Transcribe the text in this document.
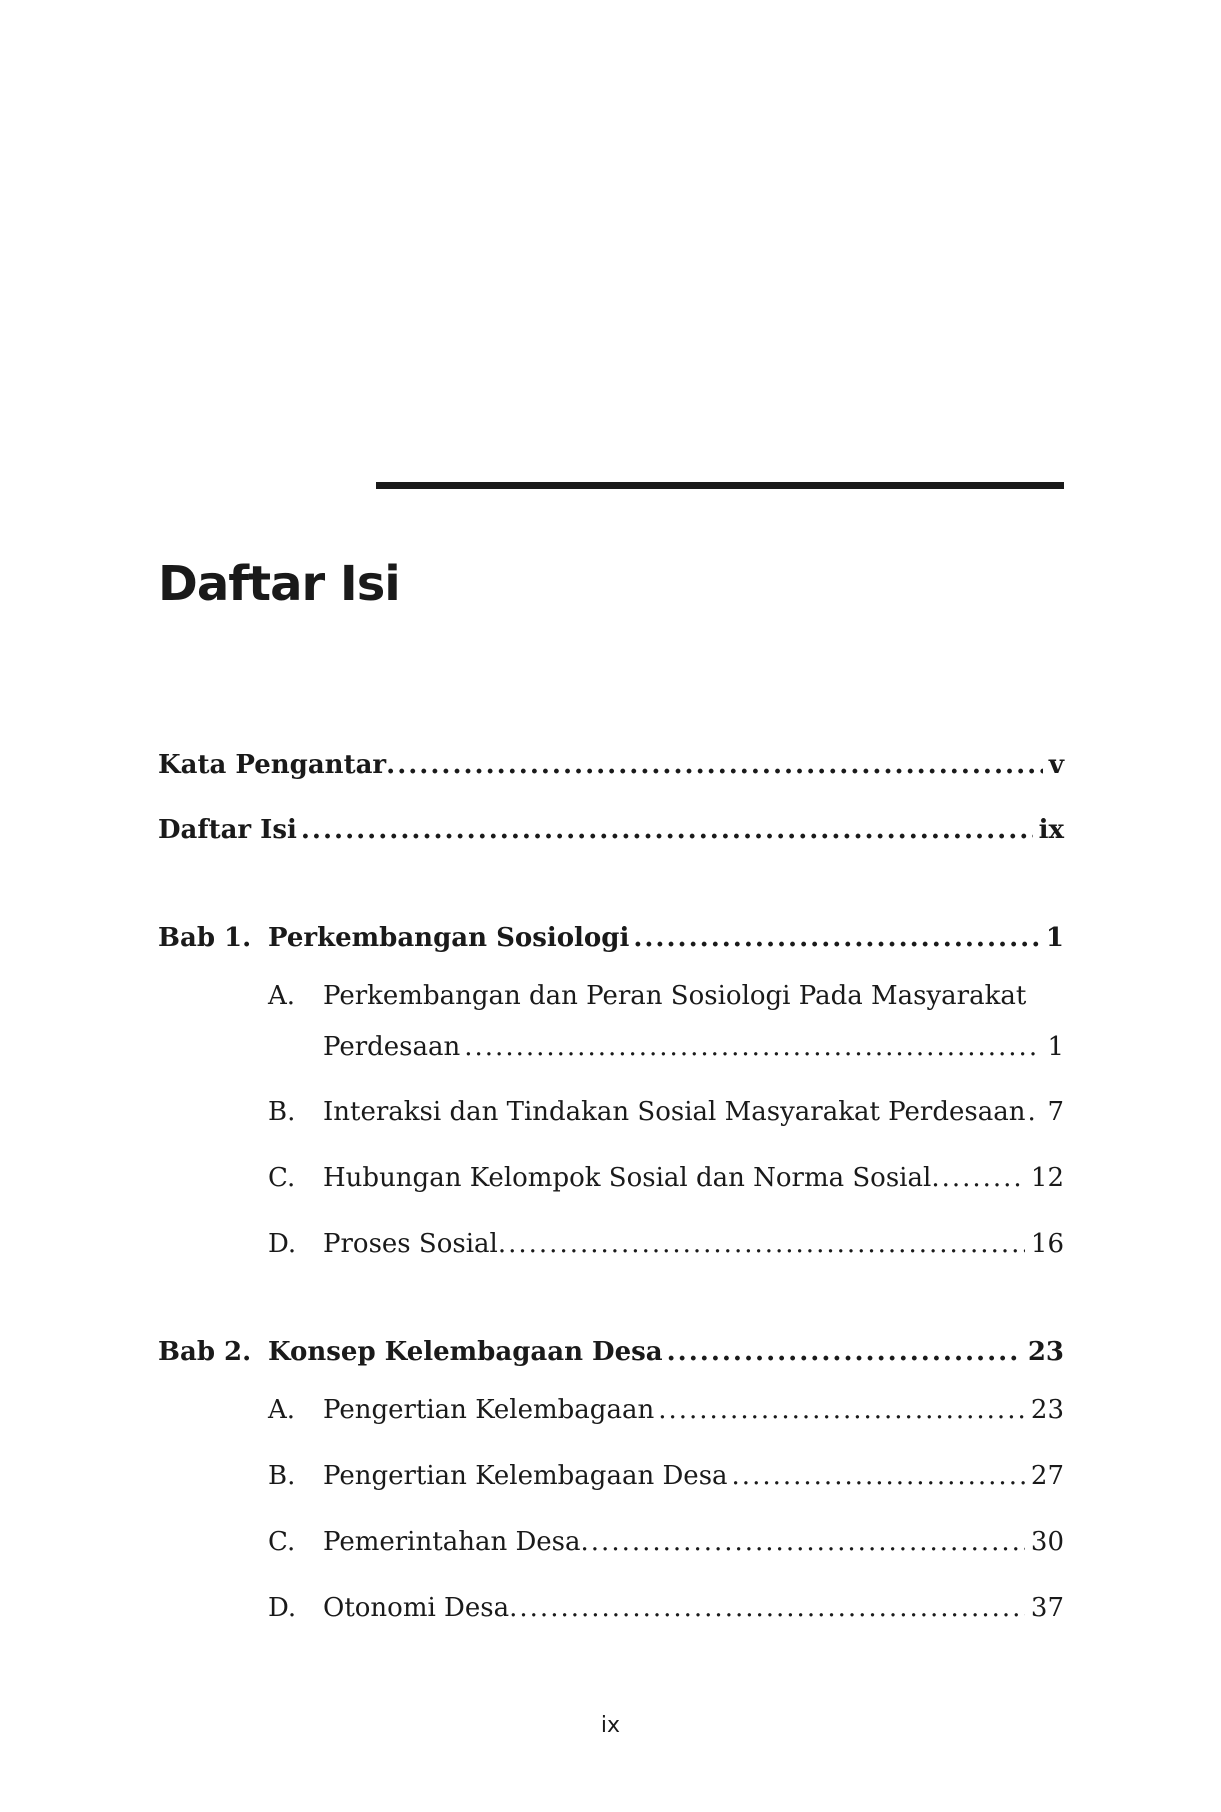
Daftar Isi
Kata Pengantar .....	v
Daftar Isi .....	ix
Bab 1. Perkembangan Sosiologi .....	1
A.	Perkembangan dan Peran Sosiologi Pada Masyarakat
Perdesaan .....	1
B.	Interaksi dan Tindakan Sosial Masyarakat Perdesaan ..... 7
C.	Hubungan Kelompok Sosial dan Norma Sosial .....	12
D.	Proses Sosial .....	16
Bab 2. Konsep Kelembagaan Desa .....	23
A.	Pengertian Kelembagaan .....	23
B.	Pengertian Kelembagaan Desa .....	27
C.	Pemerintahan Desa .....	30
D.	Otonomi Desa .....	37
ix
